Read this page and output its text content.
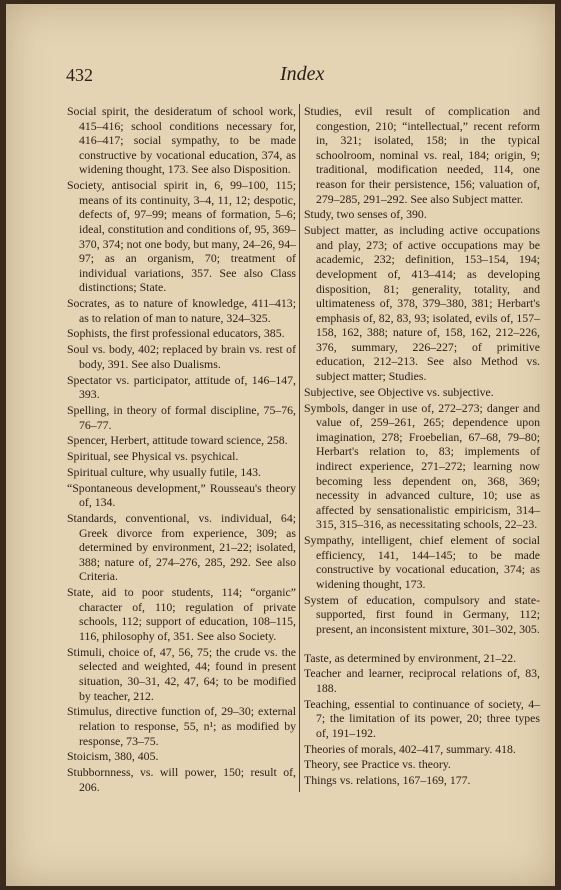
432	Index

Social spirit, the desideratum of school work, 415–416; school conditions necessary for, 416–417; social sympathy, to be made constructive by vocational education, 374, as widening thought, 173. See also Disposition.

Society, antisocial spirit in, 6, 99–100, 115; means of its continuity, 3–4, 11, 12; despotic, defects of, 97–99; means of formation, 5–6; ideal, constitution and conditions of, 95, 369–370, 374; not one body, but many, 24–26, 94–97; as an organism, 70; treatment of individual variations, 357. See also Class distinctions; State.

Socrates, as to nature of knowledge, 411–413; as to relation of man to nature, 324–325.

Sophists, the first professional educators, 385.

Soul vs. body, 402; replaced by brain vs. rest of body, 391. See also Dualisms.

Spectator vs. participator, attitude of, 146–147, 393.

Spelling, in theory of formal discipline, 75–76, 76–77.

Spencer, Herbert, attitude toward science, 258.

Spiritual, see Physical vs. psychical.

Spiritual culture, why usually futile, 143.

“Spontaneous development,” Rousseau's theory of, 134.

Standards, conventional, vs. individual, 64; Greek divorce from experience, 309; as determined by environment, 21–22; isolated, 388; nature of, 274–276, 285, 292. See also Criteria.

State, aid to poor students, 114; “organic” character of, 110; regulation of private schools, 112; support of education, 108–115, 116, philosophy of, 351. See also Society.

Stimuli, choice of, 47, 56, 75; the crude vs. the selected and weighted, 44; found in present situation, 30–31, 42, 47, 64; to be modified by teacher, 212.

Stimulus, directive function of, 29–30; external relation to response, 55, n¹; as modified by response, 73–75.

Stoicism, 380, 405.

Stubbornness, vs. will power, 150; result of, 206.

Studies, evil result of complication and congestion, 210; “intellectual,” recent reform in, 321; isolated, 158; in the typical schoolroom, nominal vs. real, 184; origin, 9; traditional, modification needed, 114, one reason for their persistence, 156; valuation of, 279–285, 291–292. See also Subject matter.

Study, two senses of, 390.

Subject matter, as including active occupations and play, 273; of active occupations may be academic, 232; definition, 153–154, 194; development of, 413–414; as developing disposition, 81; generality, totality, and ultimateness of, 378, 379–380, 381; Herbart's emphasis of, 82, 83, 93; isolated, evils of, 157–158, 162, 388; nature of, 158, 162, 212–226, 376, summary, 226–227; of primitive education, 212–213. See also Method vs. subject matter; Studies.

Subjective, see Objective vs. subjective.

Symbols, danger in use of, 272–273; danger and value of, 259–261, 265; dependence upon imagination, 278; Froebelian, 67–68, 79–80; Herbart's relation to, 83; implements of indirect experience, 271–272; learning now becoming less dependent on, 368, 369; necessity in advanced culture, 10; use as affected by sensationalistic empiricism, 314–315, 315–316, as necessitating schools, 22–23.

Sympathy, intelligent, chief element of social efficiency, 141, 144–145; to be made constructive by vocational education, 374; as widening thought, 173.

System of education, compulsory and state-supported, first found in Germany, 112; present, an inconsistent mixture, 301–302, 305.

Taste, as determined by environment, 21–22.

Teacher and learner, reciprocal relations of, 83, 188.

Teaching, essential to continuance of society, 4–7; the limitation of its power, 20; three types of, 191–192.

Theories of morals, 402–417, summary. 418.

Theory, see Practice vs. theory.

Things vs. relations, 167–169, 177.
